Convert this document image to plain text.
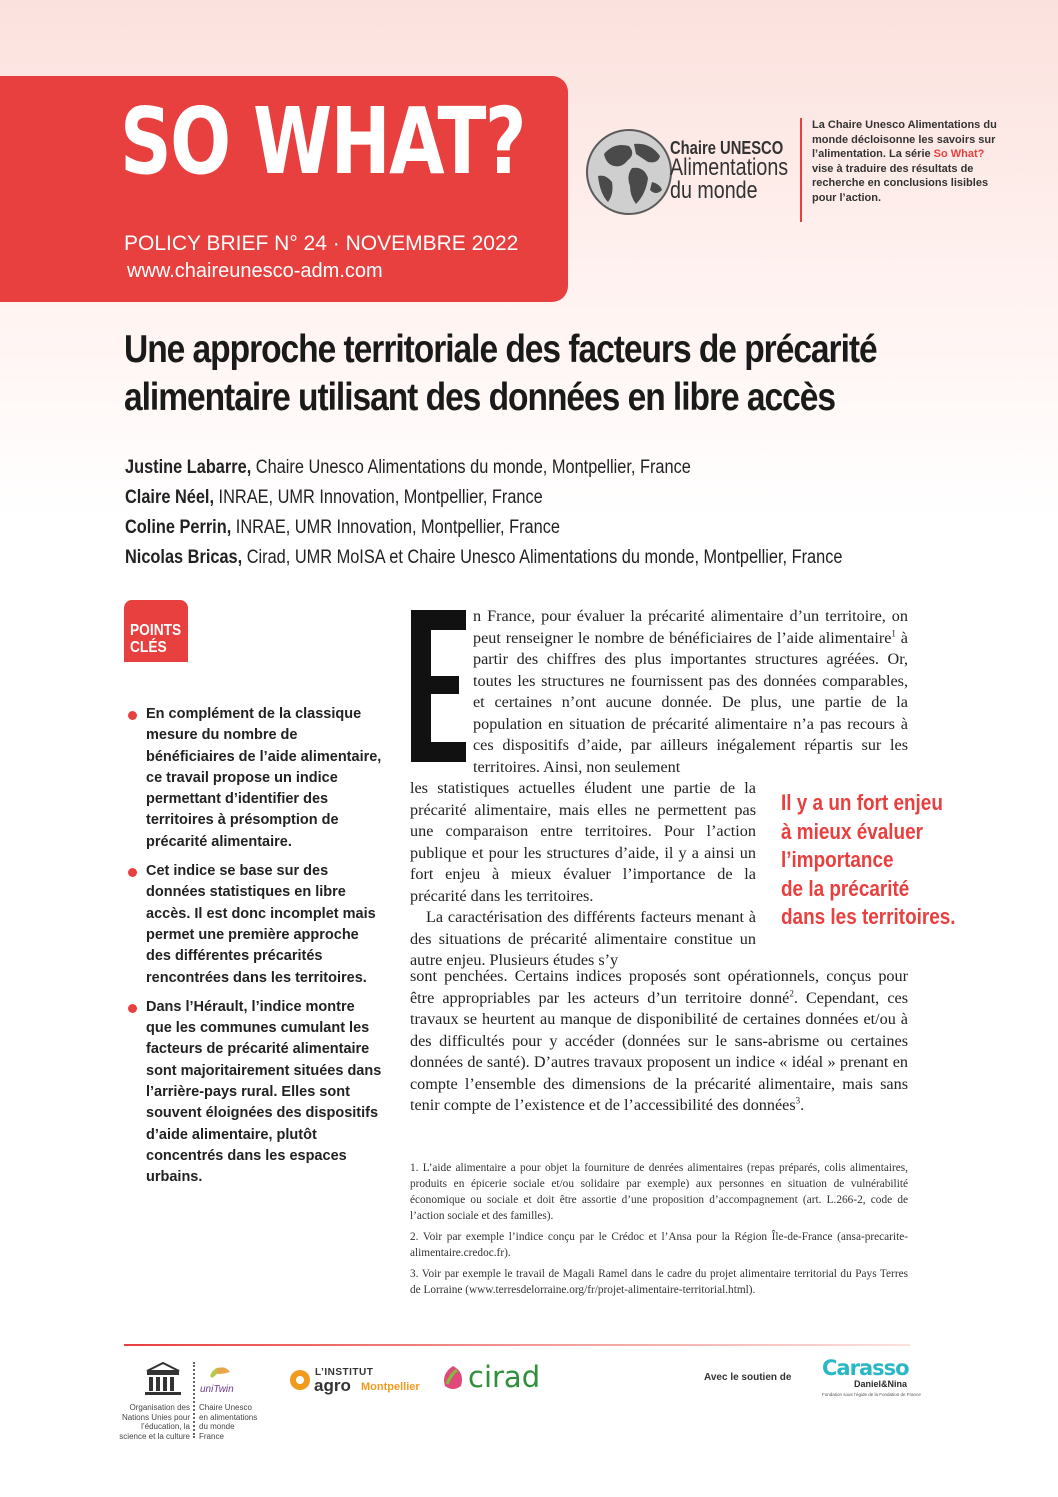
SO WHAT?
POLICY BRIEF N° 24 · NOVEMBRE 2022
www.chaireunesco-adm.com
Chaire UNESCO
Alimentations
du monde
La Chaire Unesco Alimentations du monde décloisonne les savoirs sur l’alimentation. La série So What? vise à traduire des résultats de recherche en conclusions lisibles pour l’action.
Une approche territoriale des facteurs de précarité
alimentaire utilisant des données en libre accès
Justine Labarre, Chaire Unesco Alimentations du monde, Montpellier, France
Claire Néel, INRAE, UMR Innovation, Montpellier, France
Coline Perrin, INRAE, UMR Innovation, Montpellier, France
Nicolas Bricas, Cirad, UMR MoISA et Chaire Unesco Alimentations du monde, Montpellier, France
POINTS
CLÉS
En complément de la classique mesure du nombre de bénéficiaires de l’aide alimentaire, ce travail propose un indice permettant d’identifier des territoires à présomption de précarité alimentaire.
Cet indice se base sur des données statistiques en libre accès. Il est donc incomplet mais permet une première approche des différentes précarités rencontrées dans les territoires.
Dans l’Hérault, l’indice montre que les communes cumulant les facteurs de précarité alimentaire sont majoritairement situées dans l’arrière-pays rural. Elles sont souvent éloignées des dispositifs d’aide alimentaire, plutôt concentrés dans les espaces urbains.
n France, pour évaluer la précarité alimentaire d’un territoire, on peut renseigner le nombre de bénéficiaires de l’aide alimentaire$^1$ à partir des chiffres des plus importantes structures agréées. Or, toutes les structures ne fournissent pas des données comparables, et certaines n’ont aucune donnée. De plus, une partie de la population en situation de précarité alimentaire n’a pas recours à ces dispositifs d’aide, par ailleurs inégalement répartis sur les territoires. Ainsi, non seulement
les statistiques actuelles éludent une partie de la précarité alimentaire, mais elles ne permettent pas une comparaison entre territoires. Pour l’action publique et pour les structures d’aide, il y a ainsi un fort enjeu à mieux évaluer l’importance de la précarité dans les territoires.
La caractérisation des différents facteurs menant à des situations de précarité alimentaire constitue un autre enjeu. Plusieurs études s’y
sont penchées. Certains indices proposés sont opérationnels, conçus pour être appropriables par les acteurs d’un territoire donné$^2$. Cependant, ces travaux se heurtent au manque de disponibilité de certaines données et/ou à des difficultés pour y accéder (données sur le sans-abrisme ou certaines données de santé). D’autres travaux proposent un indice « idéal » prenant en compte l’ensemble des dimensions de la précarité alimentaire, mais sans tenir compte de l’existence et de l’accessibilité des données$^3$.
Il y a un fort enjeu
à mieux évaluer
l’importance
de la précarité
dans les territoires.

1. L’aide alimentaire a pour objet la fourniture de denrées alimentaires (repas préparés, colis alimentaires, produits en épicerie sociale et/ou solidaire par exemple) aux personnes en situation de vulnérabilité économique ou sociale et doit être assortie d’une proposition d’accompagnement (art. L.266-2, code de l’action sociale et des familles).

2. Voir par exemple l’indice conçu par le Crédoc et l’Ansa pour la Région Île-de-France (ansa-precarite-alimentaire.credoc.fr).

3. Voir par exemple le travail de Magali Ramel dans le cadre du projet alimentaire territorial du Pays Terres de Lorraine (www.terresdelorraine.org/fr/projet-alimentaire-territorial.html).

Organisation des Nations Unies pour l’éducation, la science et la culture
uniTwin
Chaire Unesco en alimentations du monde France
L’INSTITUT
agro Montpellier cirad	Avec le soutien de Carasso
Daniel&Nina
Fondation sous l’égide de la Fondation de France
